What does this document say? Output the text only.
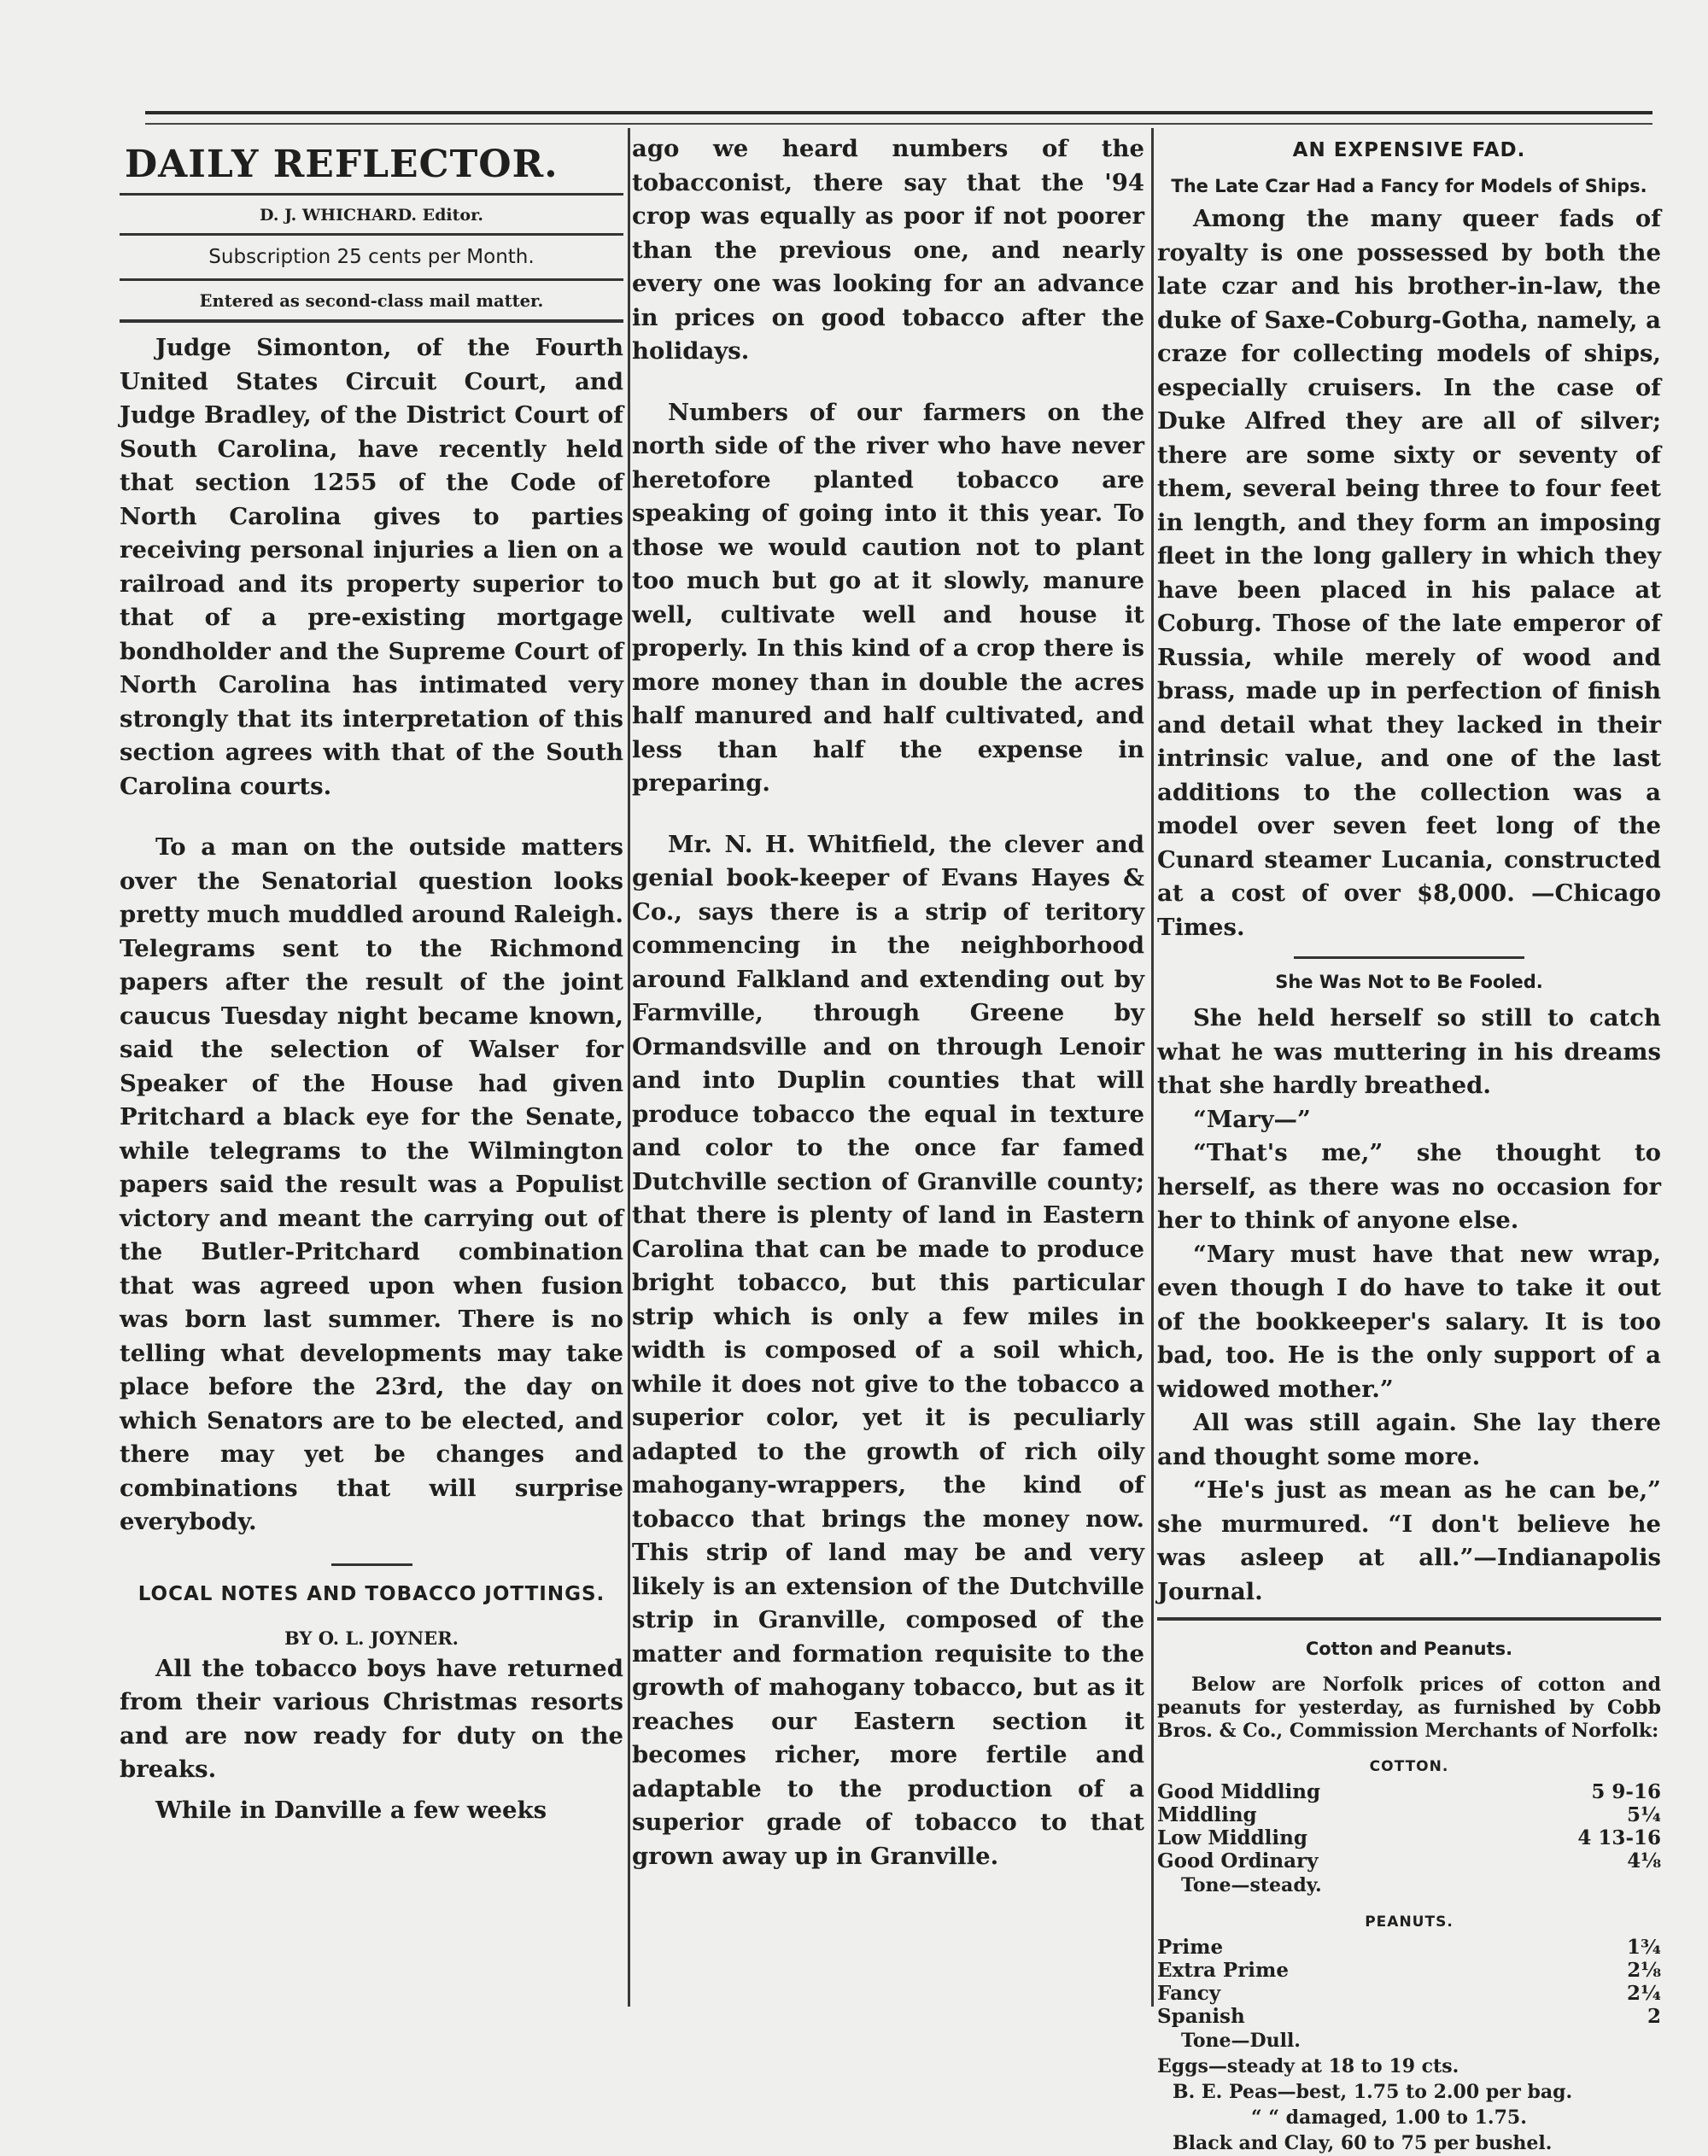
DAILY REFLECTOR.
D. J. WHICHARD. Editor.
Subscription 25 cents per Month.
Entered as second-class mail matter.

Judge Simonton, of the Fourth United States Circuit Court, and Judge Bradley, of the District Court of South Carolina, have recently held that section 1255 of the Code of North Carolina gives to parties receiving personal injuries a lien on a railroad and its property superior to that of a pre-existing mortgage bondholder and the Supreme Court of North Carolina has intimated very strongly that its interpretation of this section agrees with that of the South Carolina courts.

To a man on the outside matters over the Senatorial question looks pretty much muddled around Raleigh. Telegrams sent to the Richmond papers after the result of the joint caucus Tuesday night became known, said the selection of Walser for Speaker of the House had given Pritchard a black eye for the Senate, while telegrams to the Wilmington papers said the result was a Populist victory and meant the carrying out of the Butler-Pritchard combination that was agreed upon when fusion was born last summer. There is no telling what developments may take place before the 23rd, the day on which Senators are to be elected, and there may yet be changes and combinations that will surprise everybody.

LOCAL NOTES AND TOBACCO JOTTINGS.
BY O. L. JOYNER.

All the tobacco boys have returned from their various Christmas resorts and are now ready for duty on the breaks.

While in Danville a few weeks

ago we heard numbers of the tobacconist, there say that the '94 crop was equally as poor if not poorer than the previous one, and nearly every one was looking for an advance in prices on good tobacco after the holidays.

Numbers of our farmers on the north side of the river who have never heretofore planted tobacco are speaking of going into it this year. To those we would caution not to plant too much but go at it slowly, manure well, cultivate well and house it properly. In this kind of a crop there is more money than in double the acres half manured and half cultivated, and less than half the expense in preparing.

Mr. N. H. Whitfield, the clever and genial book-keeper of Evans Hayes & Co., says there is a strip of teritory commencing in the neighborhood around Falkland and extending out by Farmville, through Greene by Ormandsville and on through Lenoir and into Duplin counties that will produce tobacco the equal in texture and color to the once far famed Dutchville section of Granville county; that there is plenty of land in Eastern Carolina that can be made to produce bright tobacco, but this particular strip which is only a few miles in width is composed of a soil which, while it does not give to the tobacco a superior color, yet it is peculiarly adapted to the growth of rich oily mahogany-wrappers, the kind of tobacco that brings the money now. This strip of land may be and very likely is an extension of the Dutchville strip in Granville, composed of the matter and formation requisite to the growth of mahogany tobacco, but as it reaches our Eastern section it becomes richer, more fertile and adaptable to the production of a superior grade of tobacco to that grown away up in Granville.

AN EXPENSIVE FAD.
The Late Czar Had a Fancy for Models of Ships.

Among the many queer fads of royalty is one possessed by both the late czar and his brother-in-law, the duke of Saxe-Coburg-Gotha, namely, a craze for collecting models of ships, especially cruisers. In the case of Duke Alfred they are all of silver; there are some sixty or seventy of them, several being three to four feet in length, and they form an imposing fleet in the long gallery in which they have been placed in his palace at Coburg. Those of the late emperor of Russia, while merely of wood and brass, made up in perfection of finish and detail what they lacked in their intrinsic value, and one of the last additions to the collection was a model over seven feet long of the Cunard steamer Lucania, constructed at a cost of over $8,000. —Chicago Times.

She Was Not to Be Fooled.

She held herself so still to catch what he was muttering in his dreams that she hardly breathed.

“Mary—”

“That's me,” she thought to herself, as there was no occasion for her to think of anyone else.

“Mary must have that new wrap, even though I do have to take it out of the bookkeeper's salary. It is too bad, too. He is the only support of a widowed mother.”

All was still again. She lay there and thought some more.

“He's just as mean as he can be,” she murmured. “I don't believe he was asleep at all.”—Indianapolis Journal.

Cotton and Peanuts.

Below are Norfolk prices of cotton and peanuts for yesterday, as furnished by Cobb Bros. & Co., Commission Merchants of Norfolk:

COTTON.
Good Middling	5 9-16
Middling	5¼
Low Middling	4 13-16
Good Ordinary	4⅛
Tone—steady.
PEANUTS.
Prime	1¾
Extra Prime	2⅛
Fancy	2¼
Spanish	2
Tone—Dull.
Eggs—steady at 18 to 19 cts.
B. E. Peas—best, 1.75 to 2.00 per bag.
“ “ damaged, 1.00 to 1.75.
Black and Clay, 60 to 75 per bushel.
